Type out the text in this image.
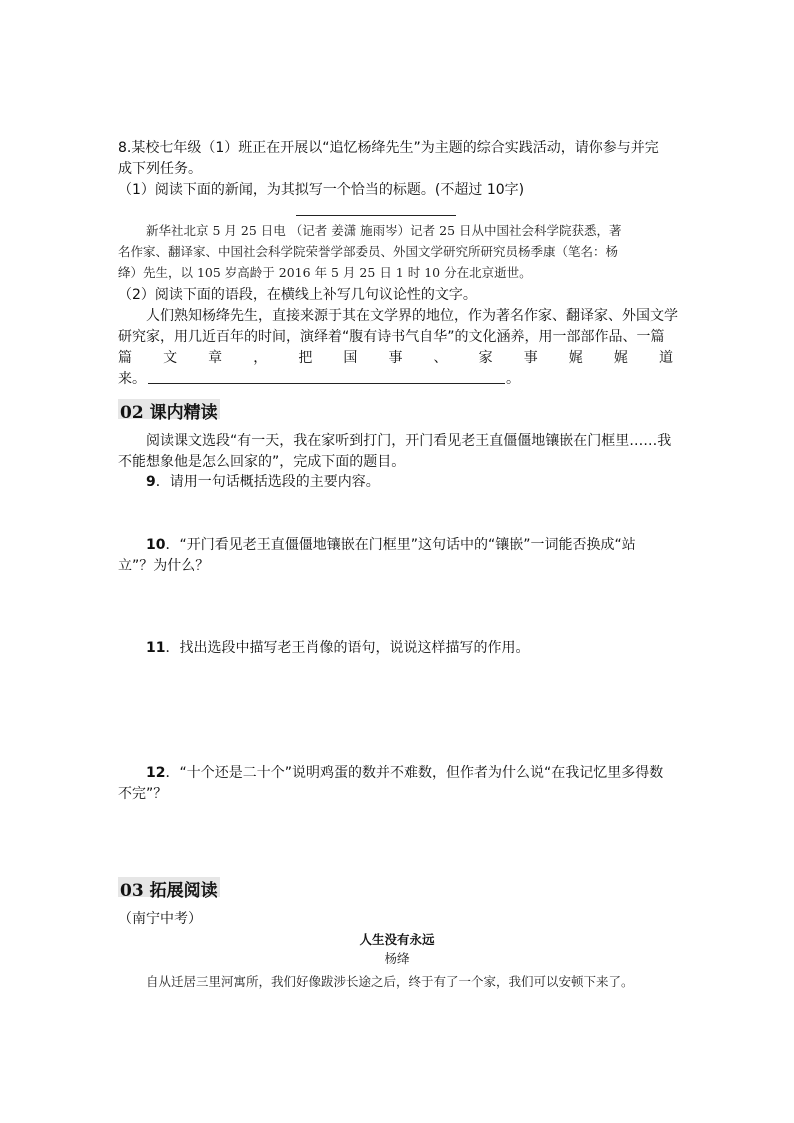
8.某校七年级（1）班正在开展以“追忆杨绛先生”为主题的综合实践活动，请你参与并完
成下列任务。
（1）阅读下面的新闻，为其拟写一个恰当的标题。(不超过 10字)
新华社北京 5 月 25 日电 （记者 姜潇 施雨岑）记者 25 日从中国社会科学院获悉，著
名作家、翻译家、中国社会科学院荣誉学部委员、外国文学研究所研究员杨季康（笔名：杨
绛）先生，以 105 岁高龄于 2016 年 5 月 25 日 1 时 10 分在北京逝世。
（2）阅读下面的语段，在横线上补写几句议论性的文字。
人们熟知杨绛先生，直接来源于其在文学界的地位，作为著名作家、翻译家、外国文学
研究家，用几近百年的时间，演绎着“腹有诗书气自华”的文化涵养，用一部部作品、一篇
篇 文 章 ， 把 国 事 、 家 事 娓 娓 道
来。	。
02 课内精读
阅读课文选段“有一天，我在家听到打门，开门看见老王直僵僵地镶嵌在门框里……我
不能想象他是怎么回家的”，完成下面的题目。
9．请用一句话概括选段的主要内容。
10．“开门看见老王直僵僵地镶嵌在门框里”这句话中的“镶嵌”一词能否换成“站
立”？为什么？
11．找出选段中描写老王肖像的语句，说说这样描写的作用。
12．“十个还是二十个”说明鸡蛋的数并不难数，但作者为什么说“在我记忆里多得数
不完”？
03 拓展阅读
（南宁中考）
人生没有永远
杨绛
自从迁居三里河寓所，我们好像跋涉长途之后，终于有了一个家，我们可以安顿下来了。
